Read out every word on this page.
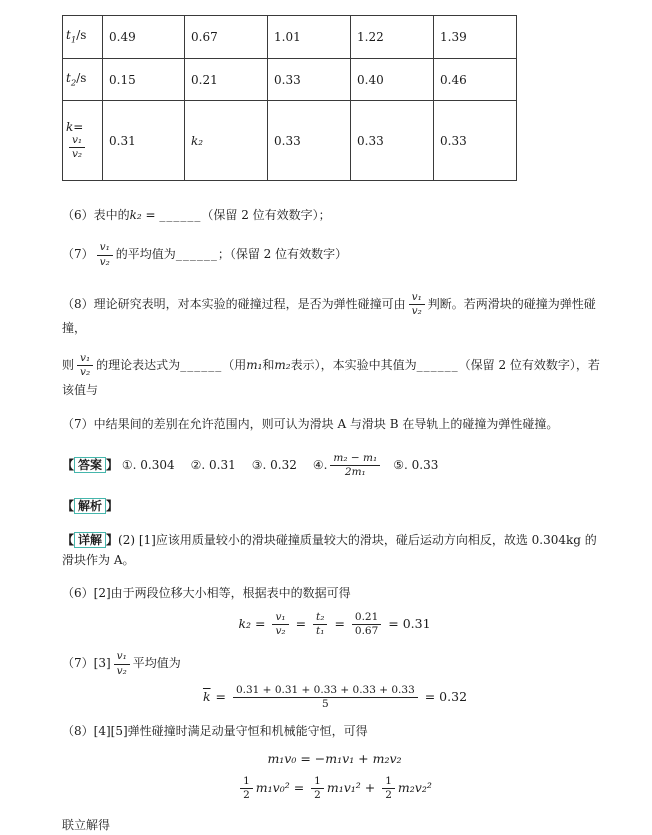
$t_1/s$	0.49	0.67	1.01	1.22	1.39
$t_2/s$	0.15	0.21	0.33	0.40	0.46
k=
$\frac{\text{v₁}}{\text{v₂}}$	0.31	k₂	0.33	0.33	0.33

（6）表中的k₂ = ______（保留 2 位有效数字）；

$(7) \frac{\text{v₁}}{\text{v₂}}$ 的平均值为______；（保留 2 位有效数字）

（8）理论研究表明，对本实验的碰撞过程，是否为弹性碰撞可由 $\frac{\text{v₁}}{\text{v₂}}$ 判断。若两滑块的碰撞为弹性碰撞，

则 $\frac{\text{v₁}}{\text{v₂}}$ 的理论表达式为______（用m₁和m₂表示），本实验中其值为______（保留 2 位有效数字），若该值与

（7）中结果间的差别在允许范围内，则可认为滑块 A 与滑块 B 在导轨上的碰撞为弹性碰撞。

【 答案 】 ①. 0.304 ②. 0.31 ③. 0.32 ④. $\frac{\text{m₂ − m₁}}{\text{2m₁}}$ ⑤. 0.33

【 解析 】

【 详解 】(2) [1]应该用质量较小的滑块碰撞质量较大的滑块，碰后运动方向相反，故选 0.304kg 的滑块作为 A。

（6）[2]由于两段位移大小相等，根据表中的数据可得

$k_2 = \frac{\text{v₁}}{\text{v₂}} = \frac{\text{t₂}}{\text{t₁}} = \frac{0.21}{0.67} = 0.31$

$(7)[3] \frac{\text{v₁}}{\text{v₂}}$ 平均值为

$\overline{k} = \frac{0.31 + 0.31 + 0.33 + 0.33 + 0.33}{5} = 0.32$

（8）[4][5]弹性碰撞时满足动量守恒和机械能守恒，可得

m₁v₀ = −m₁v₁ + m₂v₂
$\frac{1}{2} m_1v_0^2 = \frac{1}{2} m_1v_1^2 + \frac{1}{2} m_2v_2^2$

联立解得
